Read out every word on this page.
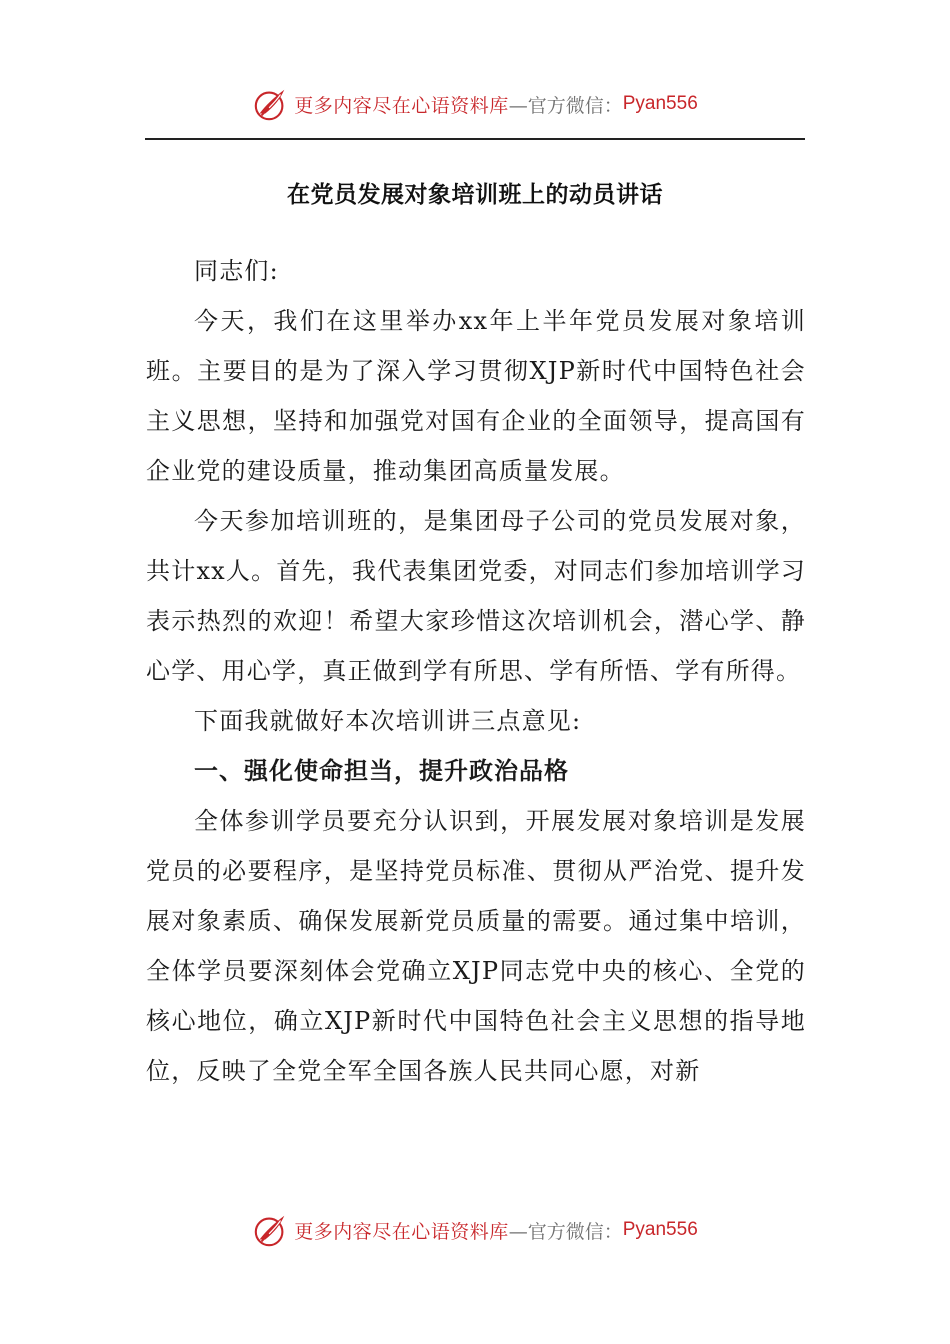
更多内容尽在心语资料库 —官方微信： Pyan556
在党员发展对象培训班上的动员讲话

同志们:

今天，我们在这里举办xx年上半年党员发展对象培训班。主要目的是为了深入学习贯彻XJP新时代中国特色社会主义思想，坚持和加强党对国有企业的全面领导，提高国有企业党的建设质量，推动集团高质量发展。

今天参加培训班的，是集团母子公司的党员发展对象，共计xx人。首先，我代表集团党委，对同志们参加培训学习表示热烈的欢迎！希望大家珍惜这次培训机会，潜心学、静心学、用心学，真正做到学有所思、学有所悟、学有所得。

下面我就做好本次培训讲三点意见:

一、强化使命担当，提升政治品格

全体参训学员要充分认识到，开展发展对象培训是发展党员的必要程序，是坚持党员标准、贯彻从严治党、提升发展对象素质、确保发展新党员质量的需要。通过集中培训，全体学员要深刻体会党确立XJP同志党中央的核心、全党的核心地位，确立XJP新时代中国特色社会主义思想的指导地位，反映了全党全军全国各族人民共同心愿，对新

更多内容尽在心语资料库 —官方微信： Pyan556
